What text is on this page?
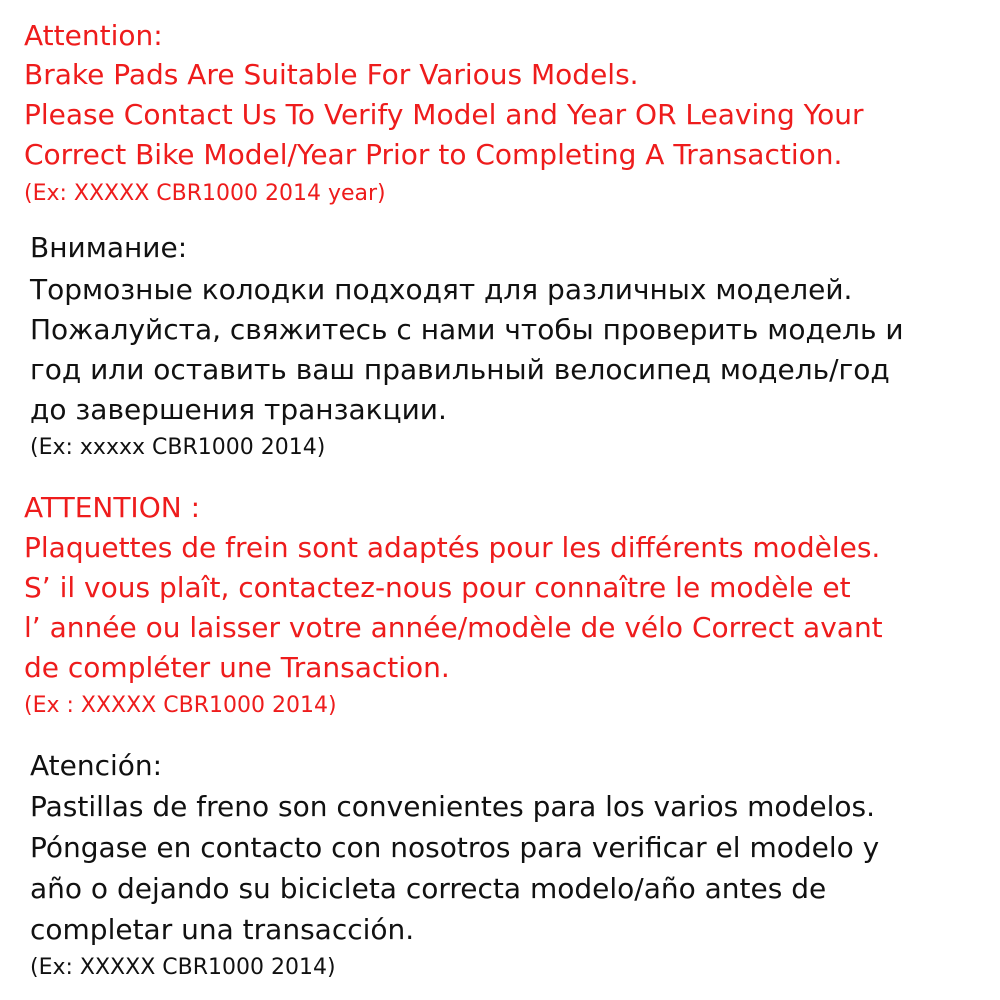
Attention:
Brake Pads Are Suitable For Various Models.
Please Contact Us To Verify Model and Year OR Leaving Your
Correct Bike Model/Year Prior to Completing A Transaction.
(Ex: XXXXX CBR1000 2014 year)
Внимание:
Тормозные колодки подходят для различных моделей.
Пожалуйста, свяжитесь с нами чтобы проверить модель и
год или оставить ваш правильный велосипед модель/год
до завершения транзакции.
(Ex: xxxxx CBR1000 2014)
ATTENTION :
Plaquettes de frein sont adaptés pour les différents modèles.
S’ il vous plaît, contactez-nous pour connaître le modèle et
l’ année ou laisser votre année/modèle de vélo Correct avant
de compléter une Transaction.
(Ex : XXXXX CBR1000 2014)
Atención:
Pastillas de freno son convenientes para los varios modelos.
Póngase en contacto con nosotros para verificar el modelo y
año o dejando su bicicleta correcta modelo/año antes de
completar una transacción.
(Ex: XXXXX CBR1000 2014)
